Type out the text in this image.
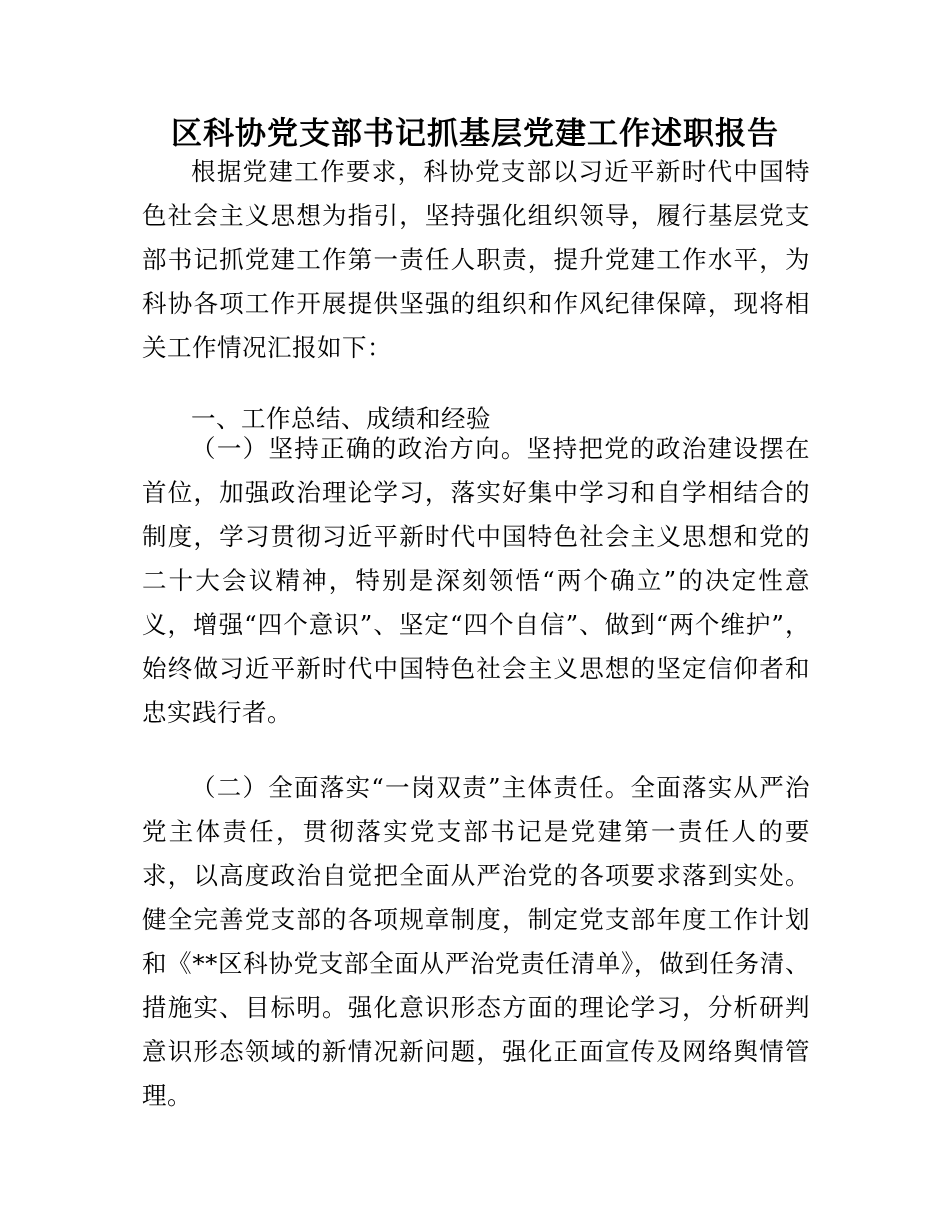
区科协党支部书记抓基层党建工作述职报告

根据党建工作要求，科协党支部以习近平新时代中国特色社会主义思想为指引，坚持强化组织领导，履行基层党支部书记抓党建工作第一责任人职责，提升党建工作水平，为科协各项工作开展提供坚强的组织和作风纪律保障，现将相关工作情况汇报如下：

一、工作总结、成绩和经验

（一）坚持正确的政治方向。坚持把党的政治建设摆在首位，加强政治理论学习，落实好集中学习和自学相结合的制度，学习贯彻习近平新时代中国特色社会主义思想和党的二十大会议精神，特别是深刻领悟“两个确立”的决定性意义，增强“四个意识”、坚定“四个自信”、做到“两个维护”，始终做习近平新时代中国特色社会主义思想的坚定信仰者和忠实践行者。

（二）全面落实“一岗双责”主体责任。全面落实从严治党主体责任，贯彻落实党支部书记是党建第一责任人的要求，以高度政治自觉把全面从严治党的各项要求落到实处。健全完善党支部的各项规章制度，制定党支部年度工作计划和《**区科协党支部全面从严治党责任清单》，做到任务清、措施实、目标明。强化意识形态方面的理论学习，分析研判意识形态领域的新情况新问题，强化正面宣传及网络舆情管理。
